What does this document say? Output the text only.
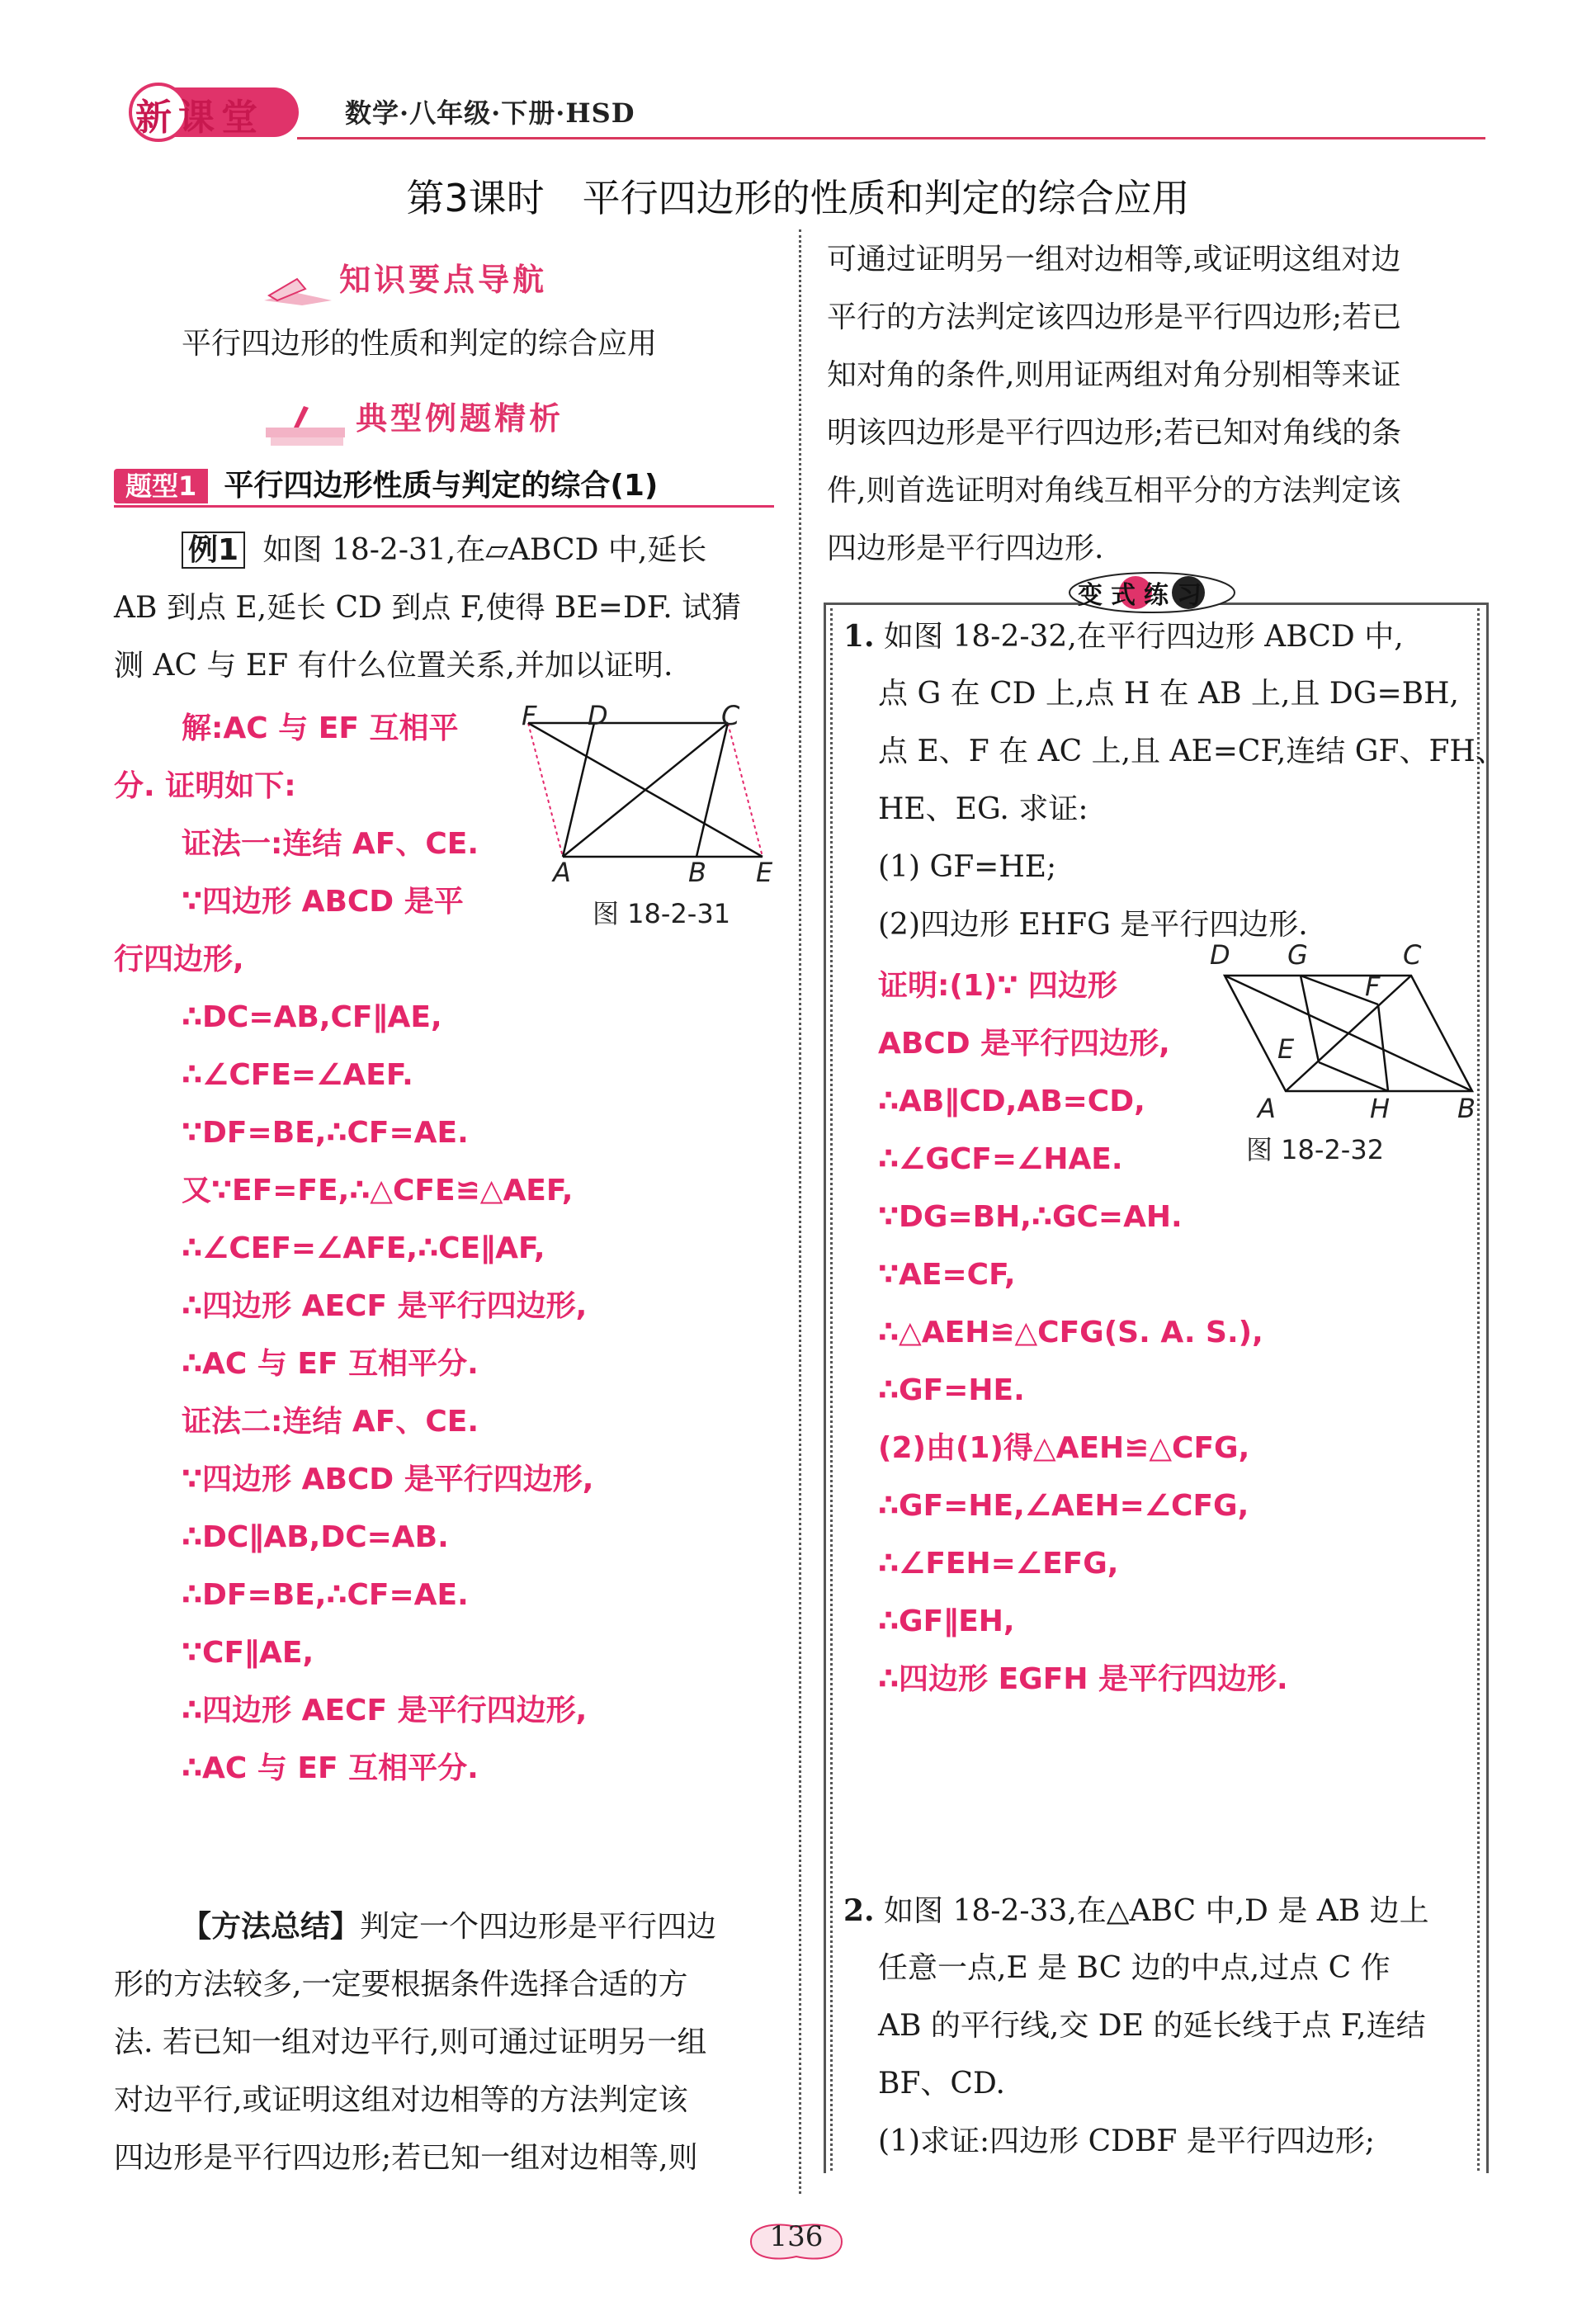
新课堂	数学·八年级·下册·HSD
第3课时　平行四边形的性质和判定的综合应用
知识要点导航
平行四边形的性质和判定的综合应用
典型例题精析
题型1 平行四边形性质与判定的综合(1)
例1 如图 18-2-31,在▱ABCD 中,延长
AB 到点 E,延长 CD 到点 F,使得 BE=DF. 试猜
测 AC 与 EF 有什么位置关系,并加以证明.
解:AC 与 EF 互相平
分. 证明如下:
证法一:连结 AF、CE.
∵四边形 ABCD 是平
行四边形,
∴DC=AB,CF∥AE,
∴∠CFE=∠AEF.
∵DF=BE,∴CF=AE.
又∵EF=FE,∴△CFE≌△AEF,
∴∠CEF=∠AFE,∴CE∥AF,
∴四边形 AECF 是平行四边形,
∴AC 与 EF 互相平分.
证法二:连结 AF、CE.
∵四边形 ABCD 是平行四边形,
∴DC∥AB,DC=AB.
∴DF=BE,∴CF=AE.
∵CF∥AE,
∴四边形 AECF 是平行四边形,
∴AC 与 EF 互相平分.
F D	C
A	B E
图 18-2-31
【方法总结】判定一个四边形是平行四边
形的方法较多,一定要根据条件选择合适的方
法. 若已知一组对边平行,则可通过证明另一组
对边平行,或证明这组对边相等的方法判定该
四边形是平行四边形;若已知一组对边相等,则
可通过证明另一组对边相等,或证明这组对边
平行的方法判定该四边形是平行四边形;若已
知对角的条件,则用证两组对角分别相等来证
明该四边形是平行四边形;若已知对角线的条
件,则首选证明对角线互相平分的方法判定该
四边形是平行四边形.
变式练习
1. 如图 18-2-32,在平行四边形 ABCD 中,
点 G 在 CD 上,点 H 在 AB 上,且 DG=BH,
点 E、F 在 AC 上,且 AE=CF,连结 GF、FH、
HE、EG. 求证:
(1) GF=HE;
(2)四边形 EHFG 是平行四边形.
证明:(1)∵ 四边形
ABCD 是平行四边形,
∴AB∥CD,AB=CD,
∴∠GCF=∠HAE.
∵DG=BH,∴GC=AH.
∵AE=CF,
∴△AEH≌△CFG(S. A. S.),
∴GF=HE.
(2)由(1)得△AEH≌△CFG,
∴GF=HE,∠AEH=∠CFG,
∴∠FEH=∠EFG,
∴GF∥EH,
∴四边形 EGFH 是平行四边形.
D G	C
F
E
A	H	B
图 18-2-32
2. 如图 18-2-33,在△ABC 中,D 是 AB 边上
任意一点,E 是 BC 边的中点,过点 C 作
AB 的平行线,交 DE 的延长线于点 F,连结
BF、CD.
(1)求证:四边形 CDBF 是平行四边形;
136
